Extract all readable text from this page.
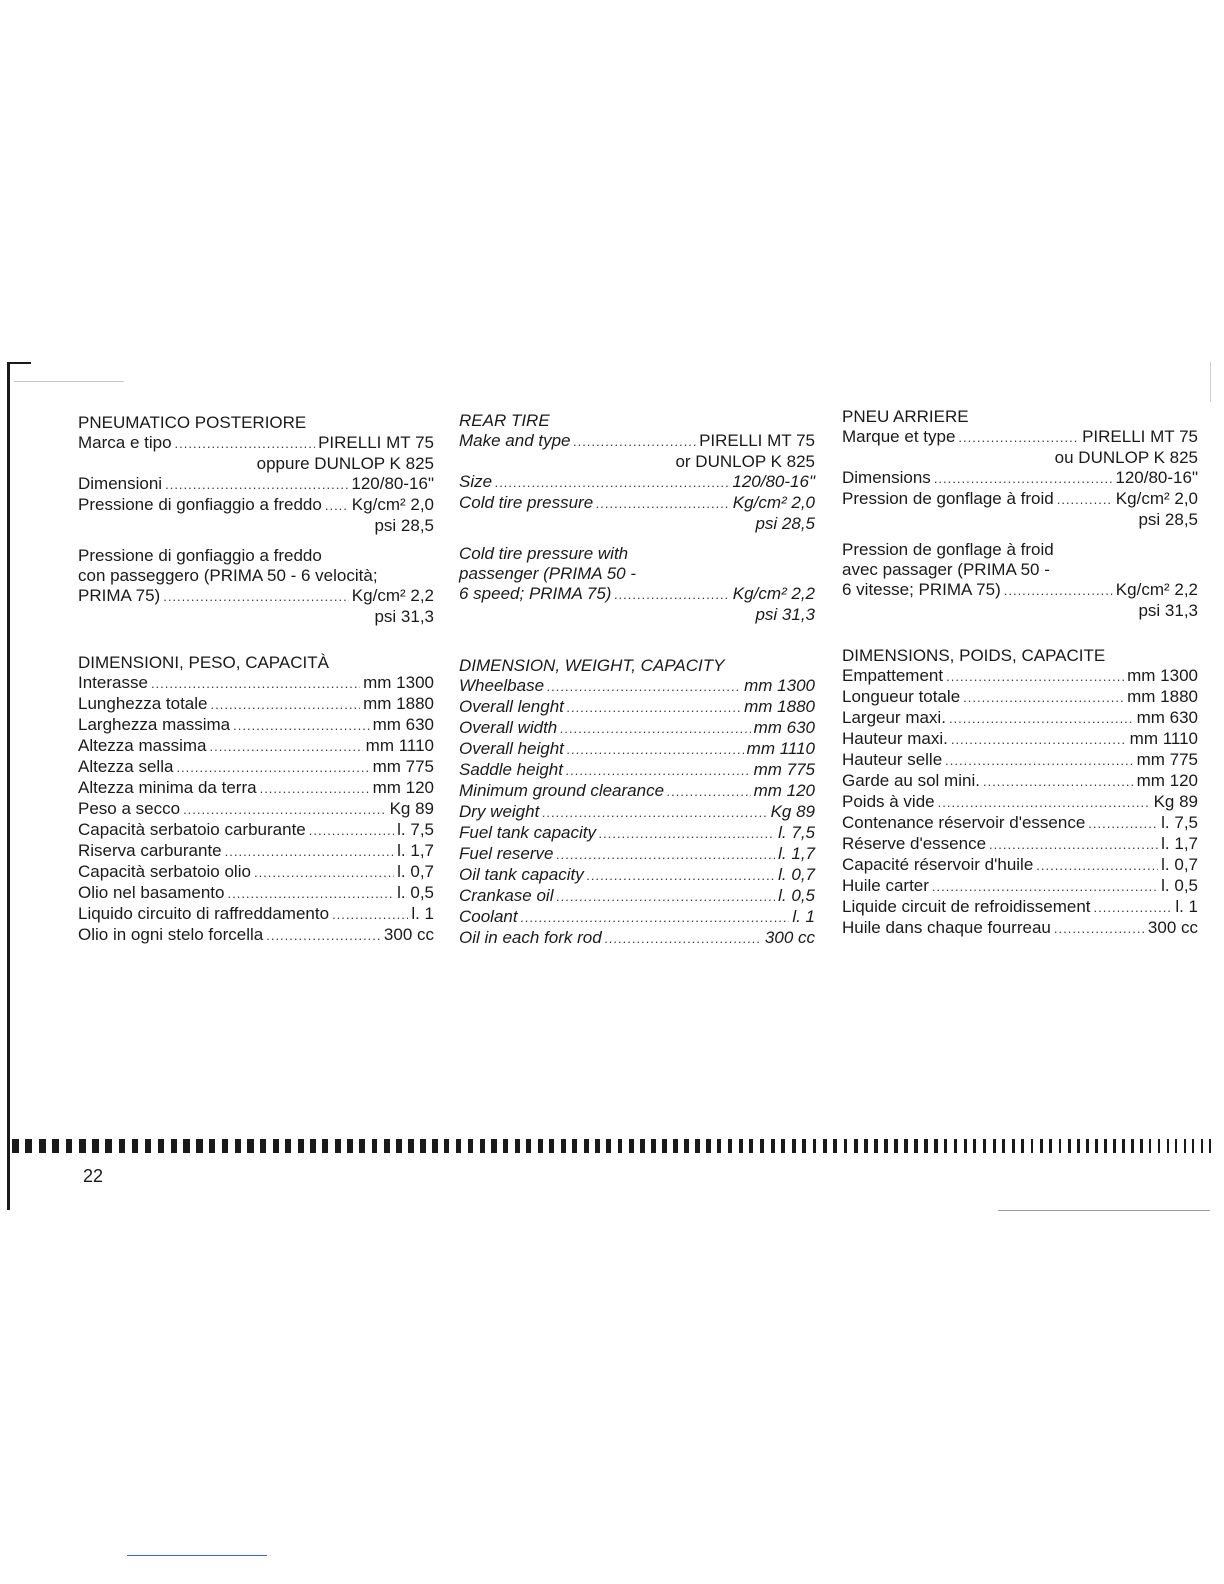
PNEUMATICO POSTERIORE
Marca e tipo .....	PIRELLI MT 75
oppure DUNLOP K 825
Dimensioni .....	120/80-16"
Pressione di gonfiaggio a freddo ..... Kg/cm² 2,0
psi 28,5
Pressione di gonfiaggio a freddo
con passeggero (PRIMA 50 - 6 velocità;
PRIMA 75) .....	Kg/cm² 2,2
psi 31,3
DIMENSIONI, PESO, CAPACITÀ
Interasse .....	mm 1300
Lunghezza totale .....	mm 1880
Larghezza massima .....	mm 630
Altezza massima .....	mm 1110
Altezza sella .....	mm 775
Altezza minima da terra .....	mm 120
Peso a secco .....	Kg 89
Capacità serbatoio carburante .....	l. 7,5
Riserva carburante .....	l. 1,7
Capacità serbatoio olio .....	l. 0,7
Olio nel basamento .....	l. 0,5
Liquido circuito di raffreddamento .....	l. 1
Olio in ogni stelo forcella .....	300 cc
REAR TIRE
Make and type .....	PIRELLI MT 75
or DUNLOP K 825
Size .....	120/80-16"
Cold tire pressure .....	Kg/cm² 2,0
psi 28,5
Cold tire pressure with
passenger (PRIMA 50 -
6 speed; PRIMA 75) .....	Kg/cm² 2,2
psi 31,3
DIMENSION, WEIGHT, CAPACITY
Wheelbase .....	mm 1300
Overall lenght .....	mm 1880
Overall width .....	mm 630
Overall height .....	mm 1110
Saddle height .....	mm 775
Minimum ground clearance .....	mm 120
Dry weight .....	Kg 89
Fuel tank capacity .....	l. 7,5
Fuel reserve .....	l. 1,7
Oil tank capacity .....	l. 0,7
Crankase oil .....	l. 0,5
Coolant .....	l. 1
Oil in each fork rod .....	300 cc
PNEU ARRIERE
Marque et type .....	PIRELLI MT 75
ou DUNLOP K 825
Dimensions .....	120/80-16"
Pression de gonflage à froid .....	Kg/cm² 2,0
psi 28,5
Pression de gonflage à froid
avec passager (PRIMA 50 -
6 vitesse; PRIMA 75) .....	Kg/cm² 2,2
psi 31,3
DIMENSIONS, POIDS, CAPACITE
Empattement .....	mm 1300
Longueur totale .....	mm 1880
Largeur maxi. .....	mm 630
Hauteur maxi. .....	mm 1110
Hauteur selle .....	mm 775
Garde au sol mini. .....	mm 120
Poids à vide .....	Kg 89
Contenance réservoir d'essence .....	l. 7,5
Réserve d'essence .....	l. 1,7
Capacité réservoir d'huile .....	l. 0,7
Huile carter .....	l. 0,5
Liquide circuit de refroidissement .....	l. 1
Huile dans chaque fourreau .....	300 cc
22
